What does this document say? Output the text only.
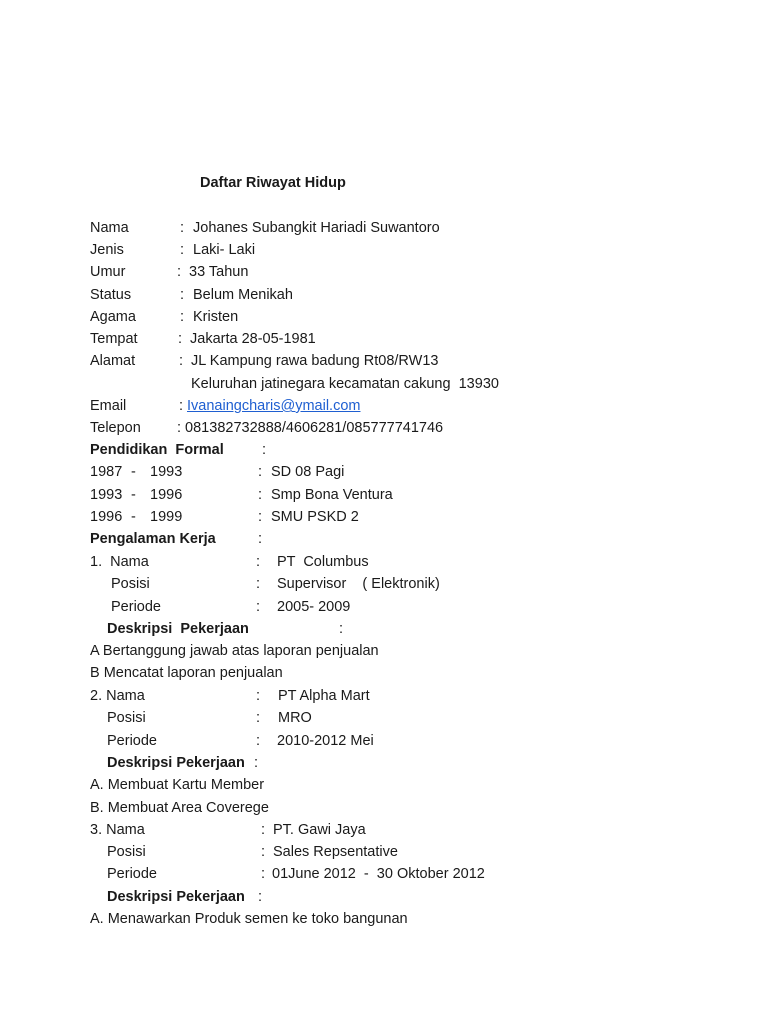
Daftar Riwayat Hidup
Nama	: Johanes Subangkit Hariadi Suwantoro
Jenis	: Laki- Laki
Umur	: 33 Tahun
Status	: Belum Menikah
Agama	: Kristen
Tempat	: Jakarta 28-05-1981
Alamat	: JL Kampung rawa badung Rt08/RW13
Keluruhan jatinegara kecamatan cakung  13930
Email	: Ivanaingcharis@ymail.com
Telepon : 081382732888/4606281/085777741746
Pendidikan  Formal	:
1987 - 1993	: SD 08 Pagi
1993 - 1996	: Smp Bona Ventura
1996 - 1999	: SMU PSKD 2
Pengalaman Kerja	:
1.  Nama	: PT  Columbus
Posisi	: Supervisor    ( Elektronik)
Periode	: 2005- 2009
Deskripsi  Pekerjaan	:
A Bertanggung jawab atas laporan penjualan
B Mencatat laporan penjualan
2. Nama	: PT Alpha Mart
Posisi	: MRO
Periode	: 2010-2012 Mei
Deskripsi Pekerjaan :
A. Membuat Kartu Member
B. Membuat Area Coverege
3. Nama	: PT. Gawi Jaya
Posisi	: Sales Repsentative
Periode	: 01June 2012  -  30 Oktober 2012
Deskripsi Pekerjaan :
A. Menawarkan Produk semen ke toko bangunan
